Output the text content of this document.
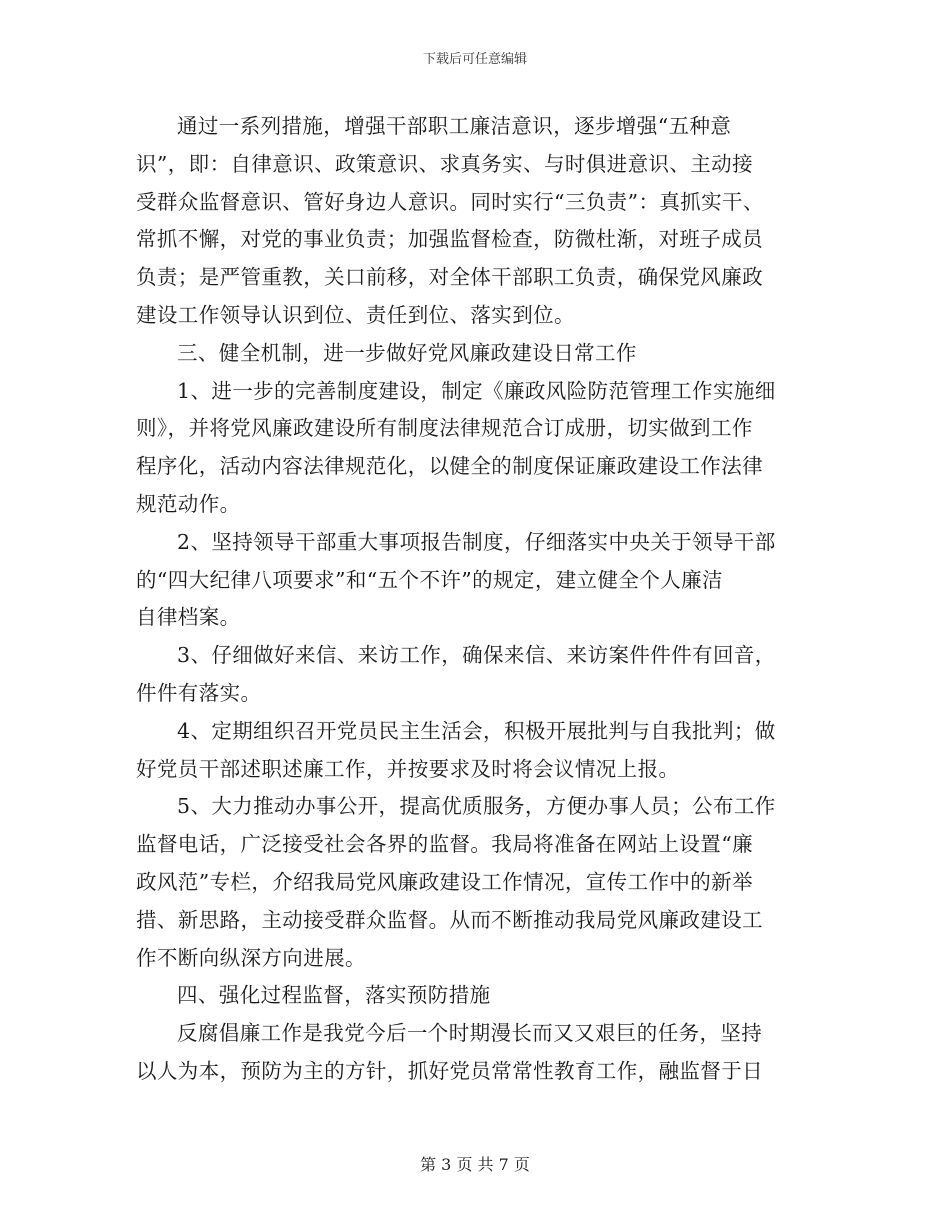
下载后可任意编辑

通过一系列措施，增强干部职工廉洁意识，逐步增强“五种意
识”，即：自律意识、政策意识、求真务实、与时俱进意识、主动接
受群众监督意识、管好身边人意识。同时实行“三负责”：真抓实干、
常抓不懈，对党的事业负责；加强监督检查，防微杜渐，对班子成员
负责；是严管重教，关口前移，对全体干部职工负责，确保党风廉政
建设工作领导认识到位、责任到位、落实到位。

三、健全机制，进一步做好党风廉政建设日常工作

1、进一步的完善制度建设，制定《廉政风险防范管理工作实施细
则》，并将党风廉政建设所有制度法律规范合订成册，切实做到工作
程序化，活动内容法律规范化，以健全的制度保证廉政建设工作法律
规范动作。

2、坚持领导干部重大事项报告制度，仔细落实中央关于领导干部
的“四大纪律八项要求”和“五个不许”的规定，建立健全个人廉洁
自律档案。

3、仔细做好来信、来访工作，确保来信、来访案件件件有回音，
件件有落实。

4、定期组织召开党员民主生活会，积极开展批判与自我批判；做
好党员干部述职述廉工作，并按要求及时将会议情况上报。

5、大力推动办事公开，提高优质服务，方便办事人员；公布工作
监督电话，广泛接受社会各界的监督。我局将准备在网站上设置“廉
政风范”专栏，介绍我局党风廉政建设工作情况，宣传工作中的新举
措、新思路，主动接受群众监督。从而不断推动我局党风廉政建设工
作不断向纵深方向进展。

四、强化过程监督，落实预防措施

反腐倡廉工作是我党今后一个时期漫长而又又艰巨的任务，坚持
以人为本，预防为主的方针，抓好党员常常性教育工作，融监督于日

第 3 页 共 7 页
